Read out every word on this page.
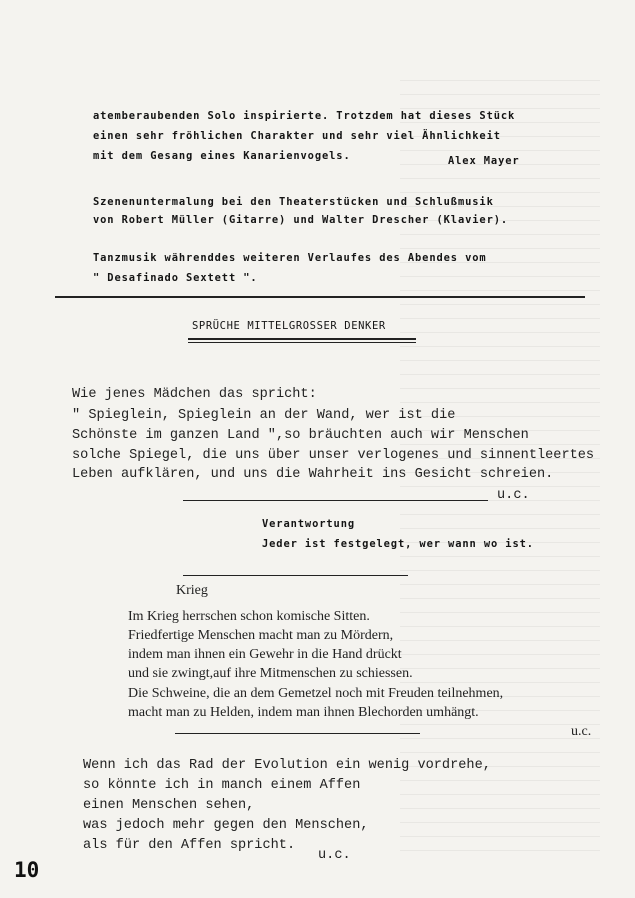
atemberaubenden Solo inspirierte. Trotzdem hat dieses Stück
einen sehr fröhlichen Charakter und sehr viel Ähnlichkeit
mit dem Gesang eines Kanarienvogels.	Alex Mayer
Szenenuntermalung bei den Theaterstücken und Schlußmusik
von Robert Müller (Gitarre) und Walter Drescher (Klavier).
Tanzmusik währenddes weiteren Verlaufes des Abendes vom
" Desafinado Sextett ".
SPRÜCHE MITTELGROSSER DENKER
Wie jenes Mädchen das spricht:
" Spieglein, Spieglein an der Wand, wer ist die
Schönste im ganzen Land ",so bräuchten auch wir Menschen
solche Spiegel, die uns über unser verlogenes und sinnentleertes
Leben aufklären, und uns die Wahrheit ins Gesicht schreien.
u.c.
Verantwortung
Jeder ist festgelegt, wer wann wo ist.
Krieg
Im Krieg herrschen schon komische Sitten.
Friedfertige Menschen macht man zu Mördern,
indem man ihnen ein Gewehr in die Hand drückt
und sie zwingt,auf ihre Mitmenschen zu schiessen.
Die Schweine, die an dem Gemetzel noch mit Freuden teilnehmen,
macht man zu Helden, indem man ihnen Blechorden umhängt.
u.c.
Wenn ich das Rad der Evolution ein wenig vordrehe,
so könnte ich in manch einem Affen
einen Menschen sehen,
was jedoch mehr gegen den Menschen,
als für den Affen spricht.
u.c.
10
